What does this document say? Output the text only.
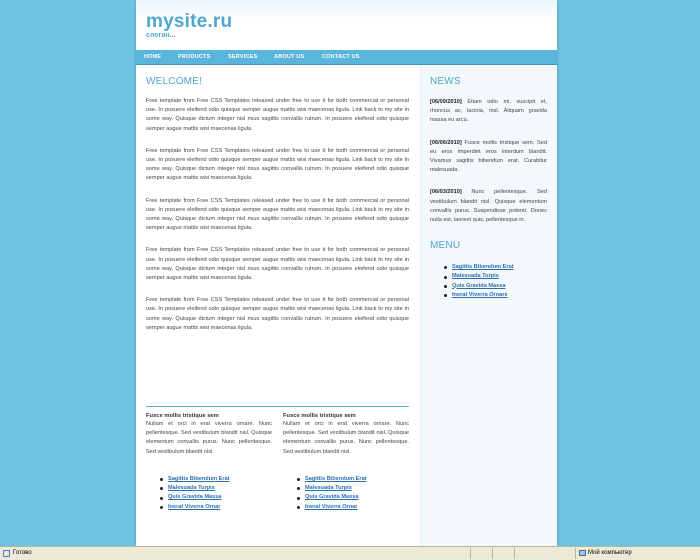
mysite.ru
слоган...
HOME	PRODUCTS	SERVICES	ABOUT US	CONTACT US
WELCOME!

Free template from Free CSS Templates released under free to use it for both commercial or personal use. In posuere eleifend odio quisque semper augue mattis wisi maecenas ligula. Link back to my site in some way. Quisque dictum integer nisl risus sagittis convallis rutrum. In posuere eleifend odio quisque semper augue mattis wisi maecenas ligula.

Free template from Free CSS Templates released under free to use it for both commercial or personal use. In posuere eleifend odio quisque semper augue mattis wisi maecenas ligula. Link back to my site in some way. Quisque dictum integer nisl risus sagittis convallis rutrum. In posuere eleifend odio quisque semper augue mattis wisi maecenas ligula.

Free template from Free CSS Templates released under free to use it for both commercial or personal use. In posuere eleifend odio quisque semper augue mattis wisi maecenas ligula. Link back to my site in some way. Quisque dictum integer nisl risus sagittis convallis rutrum. In posuere eleifend odio quisque semper augue mattis wisi maecenas ligula.

Free template from Free CSS Templates released under free to use it for both commercial or personal use. In posuere eleifend odio quisque semper augue mattis wisi maecenas ligula. Link back to my site in some way. Quisque dictum integer nisl risus sagittis convallis rutrum. In posuere eleifend odio quisque semper augue mattis wisi maecenas ligula.

Free template from Free CSS Templates released under free to use it for both commercial or personal use. In posuere eleifend odio quisque semper augue mattis wisi maecenas ligula. Link back to my site in some way. Quisque dictum integer nisl risus sagittis convallis rutrum. In posuere eleifend odio quisque semper augue mattis wisi maecenas ligula.

Fusce mollis tristique sem

Nullam et orci in erat viverra ornare. Nunc pellentesque. Sed vestibulum blandit nisl. Quisque elementum convallis purus. Nunc pellentesque. Sed vestibulum blandit nisl.

Sagittis Bibendum Erat
Malesuada Turpis
Quis Gravida Massa
Inerat Viverra Ornar
Fusce mollis tristique sem

Nullam et orci in erat viverra ornare. Nunc pellentesque. Sed vestibulum blandit nisl. Quisque elementum convallis purus. Nunc pellentesque. Sed vestibulum blandit nisl.

Sagittis Bibendum Erat
Malesuada Turpis
Quis Gravida Massa
Inerat Viverra Ornar
NEWS

[06/09/2010] Etiam odio mi, suscipit et, rhoncus ac, lacinia, nisl. Aliquam gravida massa eu arcu.

[06/06/2010] Fusce mollis tristique sem. Sed eu eros imperdiet eros interdum blandit. Vivamus sagittis bibendum erat. Curabitur malesuada.

[06/03/2010] Nunc pellentesque. Sed vestibulum blandit nisl. Quisque elementum convallis purus. Suspendisse potenti. Donec nulla est, laoreet quis, pellentesque in.

MENU
Sagittis Bibendum Erat
Malesuada Turpis
Quis Gravida Massa
Inerat Viverra Ornare
Готово	Мой компьютер
